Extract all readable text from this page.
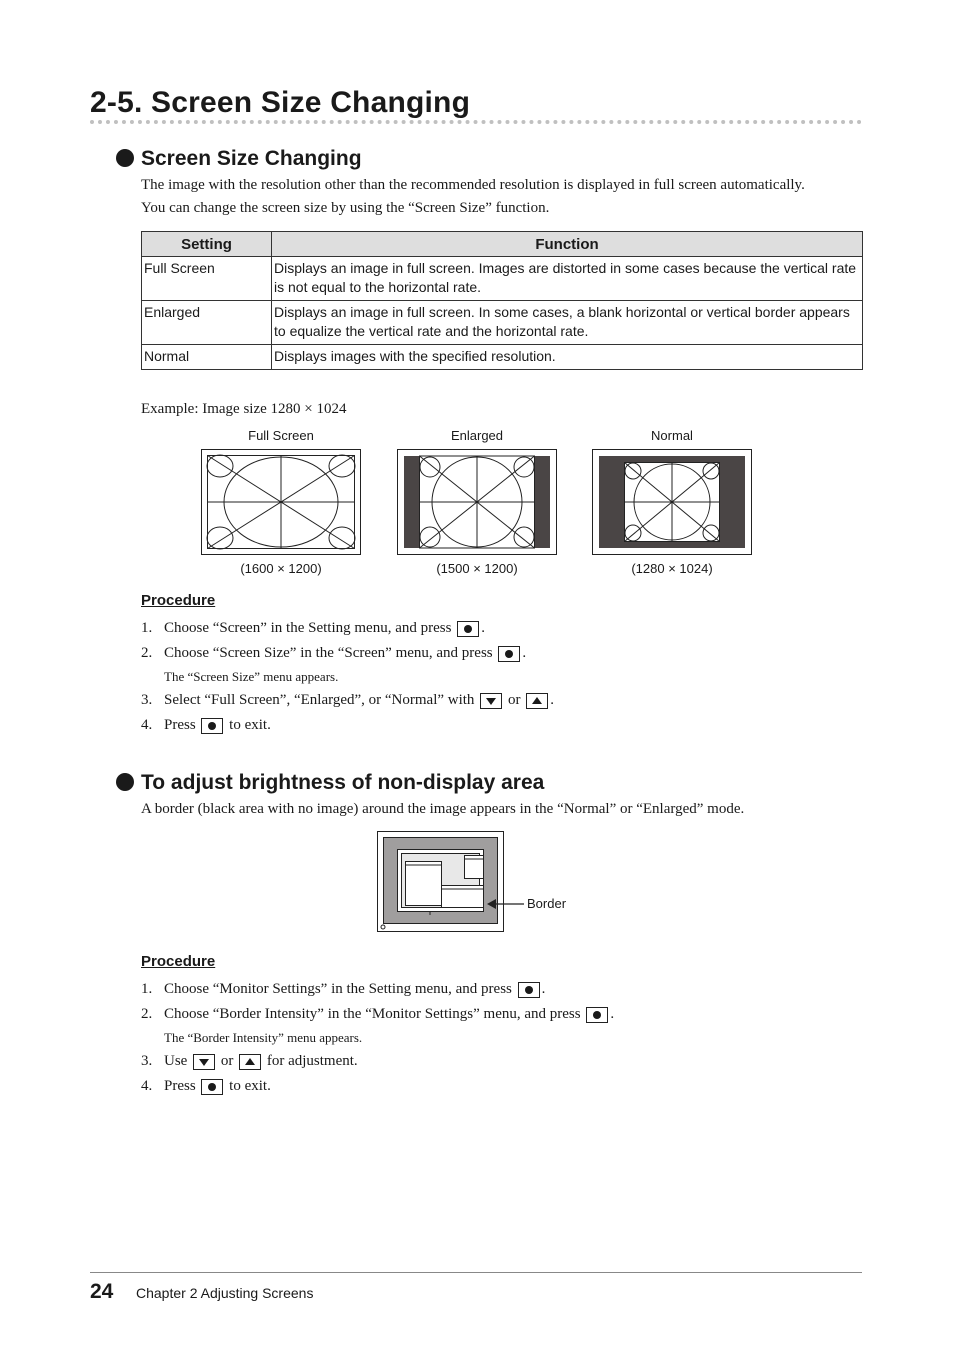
2-5. Screen Size Changing
Screen Size Changing

The image with the resolution other than the recommended resolution is displayed in full screen automatically.

You can change the screen size by using the “Screen Size” function.

Setting	Function
Full Screen	Displays an image in full screen. Images are distorted in some cases because the vertical rate is not equal to the horizontal rate.
Enlarged	Displays an image in full screen. In some cases, a blank horizontal or vertical border appears to equalize the vertical rate and the horizontal rate.
Normal	Displays images with the specified resolution.

Example: Image size 1280 × 1024

Full Screen
(1600 × 1200)
Enlarged
(1500 × 1200)
Normal
(1280 × 1024)

Procedure

1. Choose “Screen” in the Setting menu, and press
.
2. Choose “Screen Size” in the “Screen” menu, and press
.
The “Screen Size” menu appears.
3. Select “Full Screen”, “Enlarged”, or “Normal” with

or
.
4. Press

to exit.
To adjust brightness of non-display area

A border (black area with no image) around the image appears in the “Normal” or “Enlarged” mode.

Border

Procedure

1. Choose “Monitor Settings” in the Setting menu, and press
.
2. Choose “Border Intensity” in the “Monitor Settings” menu, and press
.
The “Border Intensity” menu appears.
3. Use

or

for adjustment.
4. Press

to exit.
24 Chapter 2 Adjusting Screens
